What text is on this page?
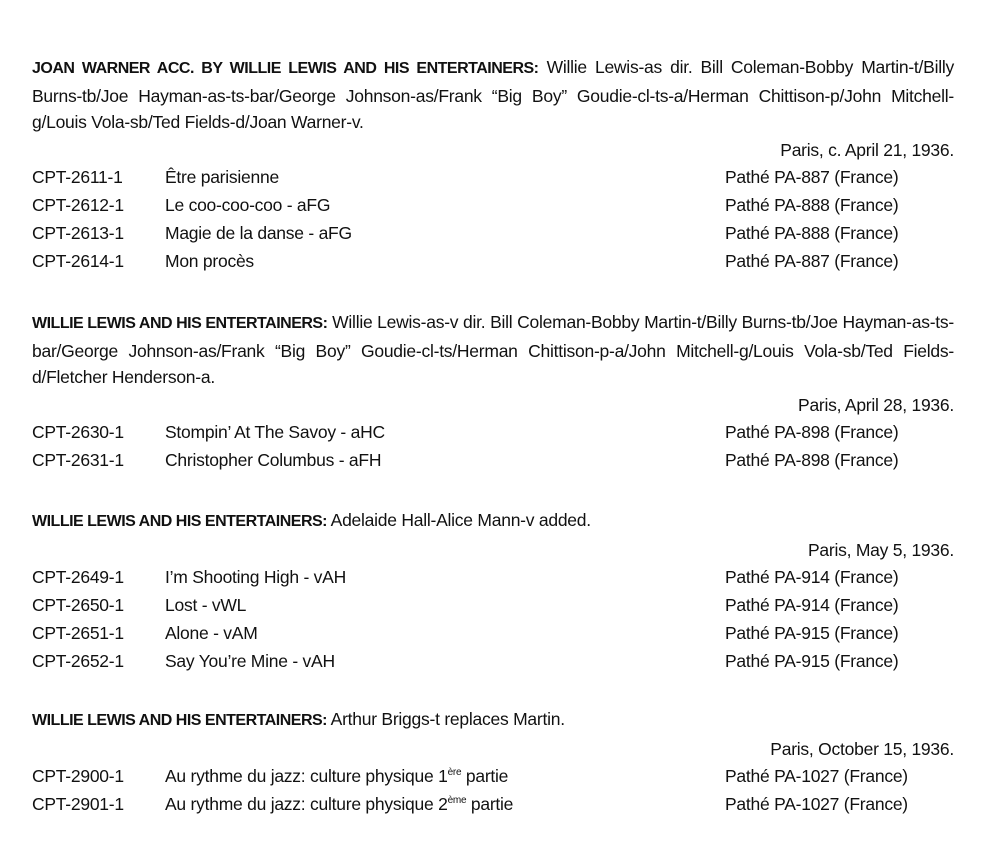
JOAN WARNER ACC. BY WILLIE LEWIS AND HIS ENTERTAINERS: Willie Lewis-as dir. Bill Coleman-Bobby Martin-t/Billy Burns-tb/Joe Hayman-as-ts-bar/George Johnson-as/Frank “Big Boy” Goudie-cl-ts-a/Herman Chittison-p/John Mitchell-g/Louis Vola-sb/Ted Fields-d/Joan Warner-v.

Paris, c. April 21, 1936.
CPT-2611-1 Être parisienne	Pathé PA-887 (France)
CPT-2612-1 Le coo-coo-coo - aFG	Pathé PA-888 (France)
CPT-2613-1 Magie de la danse - aFG	Pathé PA-888 (France)
CPT-2614-1 Mon procès	Pathé PA-887 (France)

WILLIE LEWIS AND HIS ENTERTAINERS: Willie Lewis-as-v dir. Bill Coleman-Bobby Martin-t/Billy Burns-tb/Joe Hayman-as-ts-bar/George Johnson-as/Frank “Big Boy” Goudie-cl-ts/Herman Chittison-p-a/John Mitchell-g/Louis Vola-sb/Ted Fields-d/Fletcher Henderson-a.

Paris, April 28, 1936.
CPT-2630-1 Stompin’ At The Savoy - aHC	Pathé PA-898 (France)
CPT-2631-1 Christopher Columbus - aFH	Pathé PA-898 (France)

WILLIE LEWIS AND HIS ENTERTAINERS: Adelaide Hall-Alice Mann-v added.

Paris, May 5, 1936.
CPT-2649-1 I’m Shooting High - vAH	Pathé PA-914 (France)
CPT-2650-1 Lost - vWL	Pathé PA-914 (France)
CPT-2651-1 Alone - vAM	Pathé PA-915 (France)
CPT-2652-1 Say You’re Mine - vAH	Pathé PA-915 (France)

WILLIE LEWIS AND HIS ENTERTAINERS: Arthur Briggs-t replaces Martin.

Paris, October 15, 1936.
CPT-2900-1 Au rythme du jazz: culture physique 1ère partie	Pathé PA-1027 (France)
CPT-2901-1 Au rythme du jazz: culture physique 2ème partie	Pathé PA-1027 (France)
